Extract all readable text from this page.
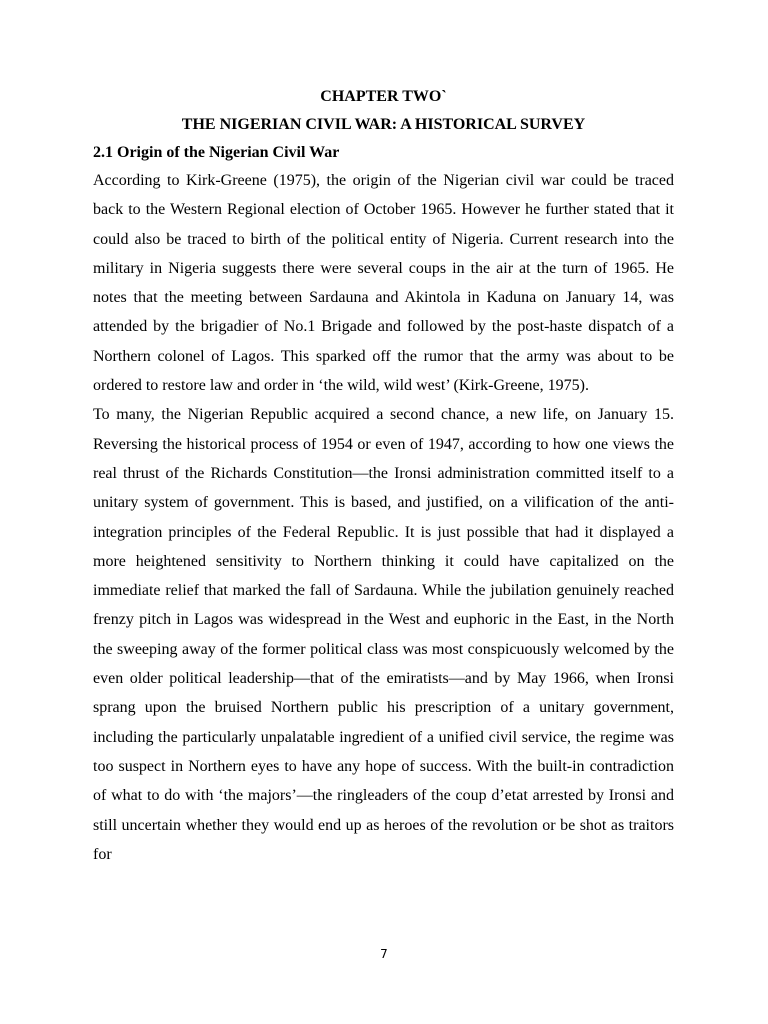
CHAPTER TWO`
THE NIGERIAN CIVIL WAR: A HISTORICAL SURVEY
2.1 Origin of the Nigerian Civil War

According to Kirk-Greene (1975), the origin of the Nigerian civil war could be traced back to the Western Regional election of October 1965. However he further stated that it could also be traced to birth of the political entity of Nigeria. Current research into the military in Nigeria suggests there were several coups in the air at the turn of 1965. He notes that the meeting between Sardauna and Akintola in Kaduna on January 14, was attended by the brigadier of No.1 Brigade and followed by the post-haste dispatch of a Northern colonel of Lagos. This sparked off the rumor that the army was about to be ordered to restore law and order in ‘the wild, wild west’ (Kirk-Greene, 1975).

To many, the Nigerian Republic acquired a second chance, a new life, on January 15. Reversing the historical process of 1954 or even of 1947, according to how one views the real thrust of the Richards Constitution—the Ironsi administration committed itself to a unitary system of government. This is based, and justified, on a vilification of the anti-integration principles of the Federal Republic. It is just possible that had it displayed a more heightened sensitivity to Northern thinking it could have capitalized on the immediate relief that marked the fall of Sardauna. While the jubilation genuinely reached frenzy pitch in Lagos was widespread in the West and euphoric in the East, in the North the sweeping away of the former political class was most conspicuously welcomed by the even older political leadership—that of the emiratists—and by May 1966, when Ironsi sprang upon the bruised Northern public his prescription of a unitary government, including the particularly unpalatable ingredient of a unified civil service, the regime was too suspect in Northern eyes to have any hope of success. With the built-in contradiction of what to do with ‘the majors’—the ringleaders of the coup d’etat arrested by Ironsi and still uncertain whether they would end up as heroes of the revolution or be shot as traitors for

7
